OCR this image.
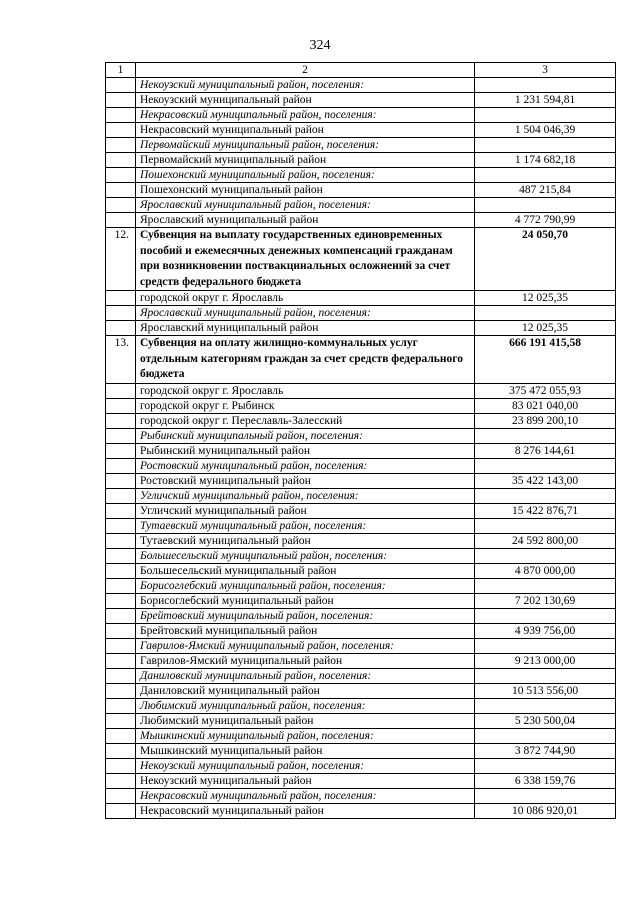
324
1	2	3
	Некоузский муниципальный район, поселения:	
	Некоузский муниципальный район	1 231 594,81
	Некрасовский муниципальный район, поселения:	
	Некрасовский муниципальный район	1 504 046,39
	Первомайский муниципальный район, поселения:	
	Первомайский муниципальный район	1 174 682,18
	Пошехонский муниципальный район, поселения:	
	Пошехонский муниципальный район	487 215,84
	Ярославский муниципальный район, поселения:	
	Ярославский муниципальный район	4 772 790,99
12.	Субвенция на выплату государственных единовременных пособий и ежемесячных денежных компенсаций гражданам при возникновении поствакцинальных осложнений за счет средств федерального бюджета	24 050,70
	городской округ г. Ярославль	12 025,35
	Ярославский муниципальный район, поселения:	
	Ярославский муниципальный район	12 025,35
13.	Субвенция на оплату жилищно-коммунальных услуг отдельным категориям граждан за счет средств федерального бюджета	666 191 415,58
	городской округ г. Ярославль	375 472 055,93
	городской округ г. Рыбинск	83 021 040,00
	городской округ г. Переславль-Залесский	23 899 200,10
	Рыбинский муниципальный район, поселения:	
	Рыбинский муниципальный район	8 276 144,61
	Ростовский муниципальный район, поселения:	
	Ростовский муниципальный район	35 422 143,00
	Угличский муниципальный район, поселения:	
	Угличский муниципальный район	15 422 876,71
	Тутаевский муниципальный район, поселения:	
	Тутаевский муниципальный район	24 592 800,00
	Большесельский муниципальный район, поселения:	
	Большесельский муниципальный район	4 870 000,00
	Борисоглебский муниципальный район, поселения:	
	Борисоглебский муниципальный район	7 202 130,69
	Брейтовский муниципальный район, поселения:	
	Брейтовский муниципальный район	4 939 756,00
	Гаврилов-Ямский муниципальный район, поселения:	
	Гаврилов-Ямский муниципальный район	9 213 000,00
	Даниловский муниципальный район, поселения:	
	Даниловский муниципальный район	10 513 556,00
	Любимский муниципальный район, поселения:	
	Любимский муниципальный район	5 230 500,04
	Мышкинский муниципальный район, поселения:	
	Мышкинский муниципальный район	3 872 744,90
	Некоузский муниципальный район, поселения:	
	Некоузский муниципальный район	6 338 159,76
	Некрасовский муниципальный район, поселения:	
	Некрасовский муниципальный район	10 086 920,01
